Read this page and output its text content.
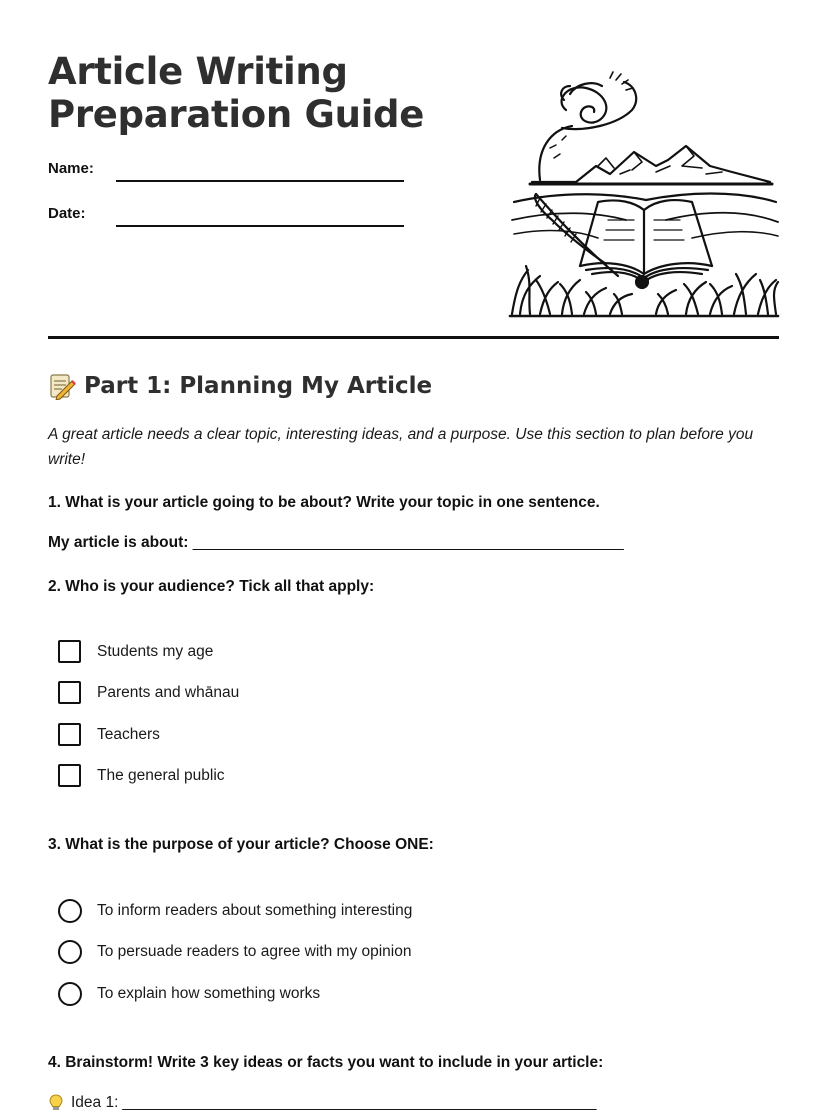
Article Writing
Preparation Guide
Name:
Date:
Part 1: Planning My Article
A great article needs a clear topic, interesting ideas, and a purpose. Use this section to plan before you write!
1. What is your article going to be about? Write your topic in one sentence.
My article is about: __________________________________________________
2. Who is your audience? Tick all that apply:
Students my age
Parents and whānau
Teachers
The general public
3. What is the purpose of your article? Choose ONE:
To inform readers about something interesting
To persuade readers to agree with my opinion
To explain how something works
4. Brainstorm! Write 3 key ideas or facts you want to include in your article:
Idea 1: _______________________________________________________
